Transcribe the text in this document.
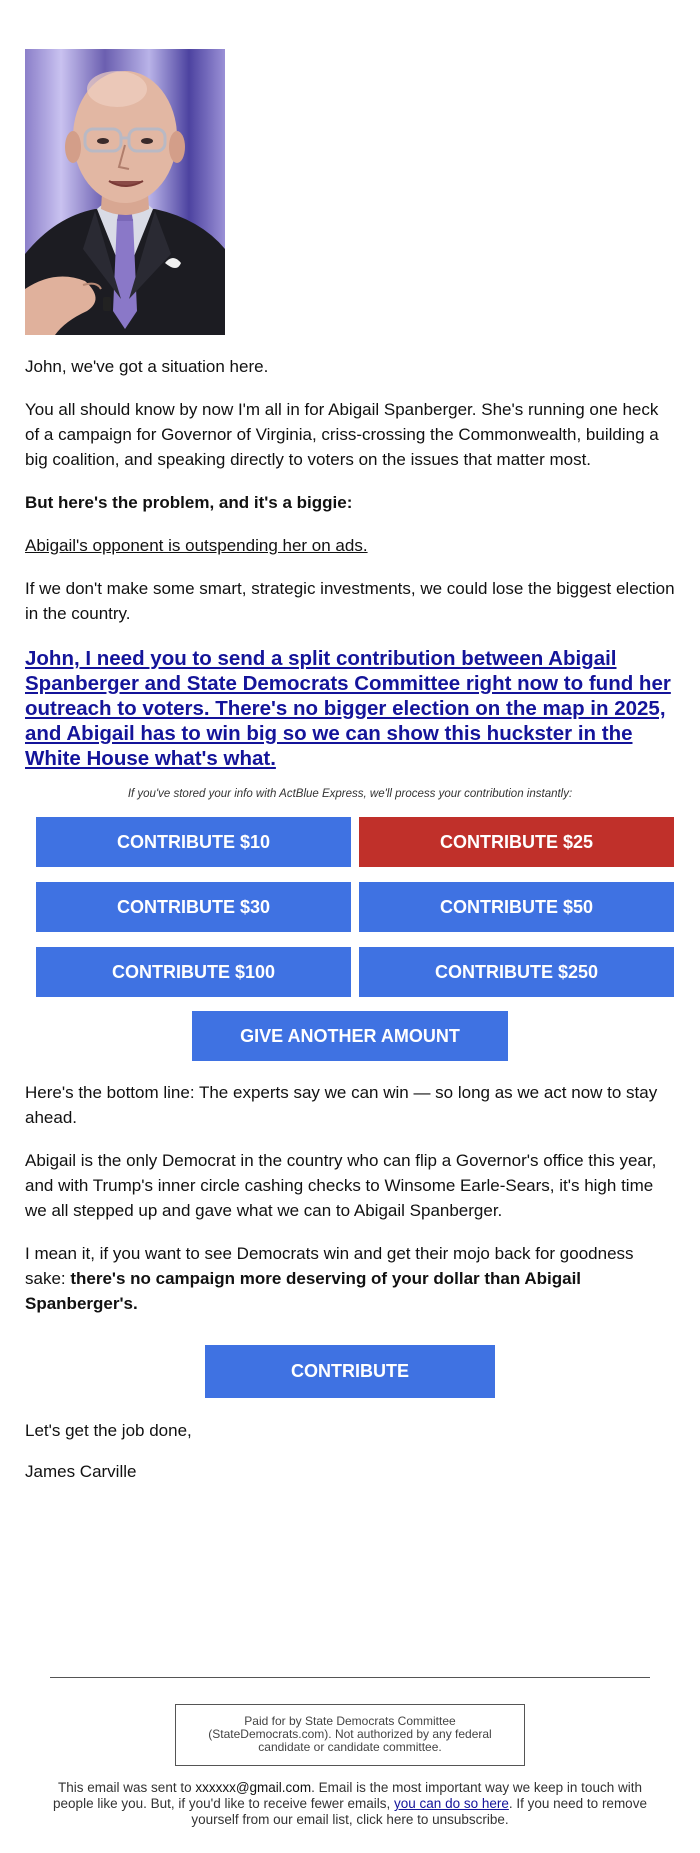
John, we've got a situation here.

You all should know by now I'm all in for Abigail Spanberger. She's running one heck of a campaign for Governor of Virginia, criss-crossing the Commonwealth, building a big coalition, and speaking directly to voters on the issues that matter most.

But here's the problem, and it's a biggie:

Abigail's opponent is outspending her on ads.

If we don't make some smart, strategic investments, we could lose the biggest election in the country.

John, I need you to send a split contribution between Abigail Spanberger and State Democrats Committee right now to fund her outreach to voters. There's no bigger election on the map in 2025, and Abigail has to win big so we can show this huckster in the White House what's what.
If you've stored your info with ActBlue Express, we'll process your contribution instantly:
CONTRIBUTE $10	CONTRIBUTE $25
CONTRIBUTE $30	CONTRIBUTE $50
CONTRIBUTE $100	CONTRIBUTE $250
GIVE ANOTHER AMOUNT

Here's the bottom line: The experts say we can win — so long as we act now to stay ahead.

Abigail is the only Democrat in the country who can flip a Governor's office this year, and with Trump's inner circle cashing checks to Winsome Earle-Sears, it's high time we all stepped up and gave what we can to Abigail Spanberger.

I mean it, if you want to see Democrats win and get their mojo back for goodness sake: there's no campaign more deserving of your dollar than Abigail Spanberger's.

CONTRIBUTE

Let's get the job done,

James Carville

Paid for by State Democrats Committee (StateDemocrats.com). Not authorized by any federal candidate or candidate committee.
This email was sent to xxxxxx@gmail.com. Email is the most important way we keep in touch with people like you. But, if you'd like to receive fewer emails, you can do so here. If you need to remove yourself from our email list, click here to unsubscribe.
